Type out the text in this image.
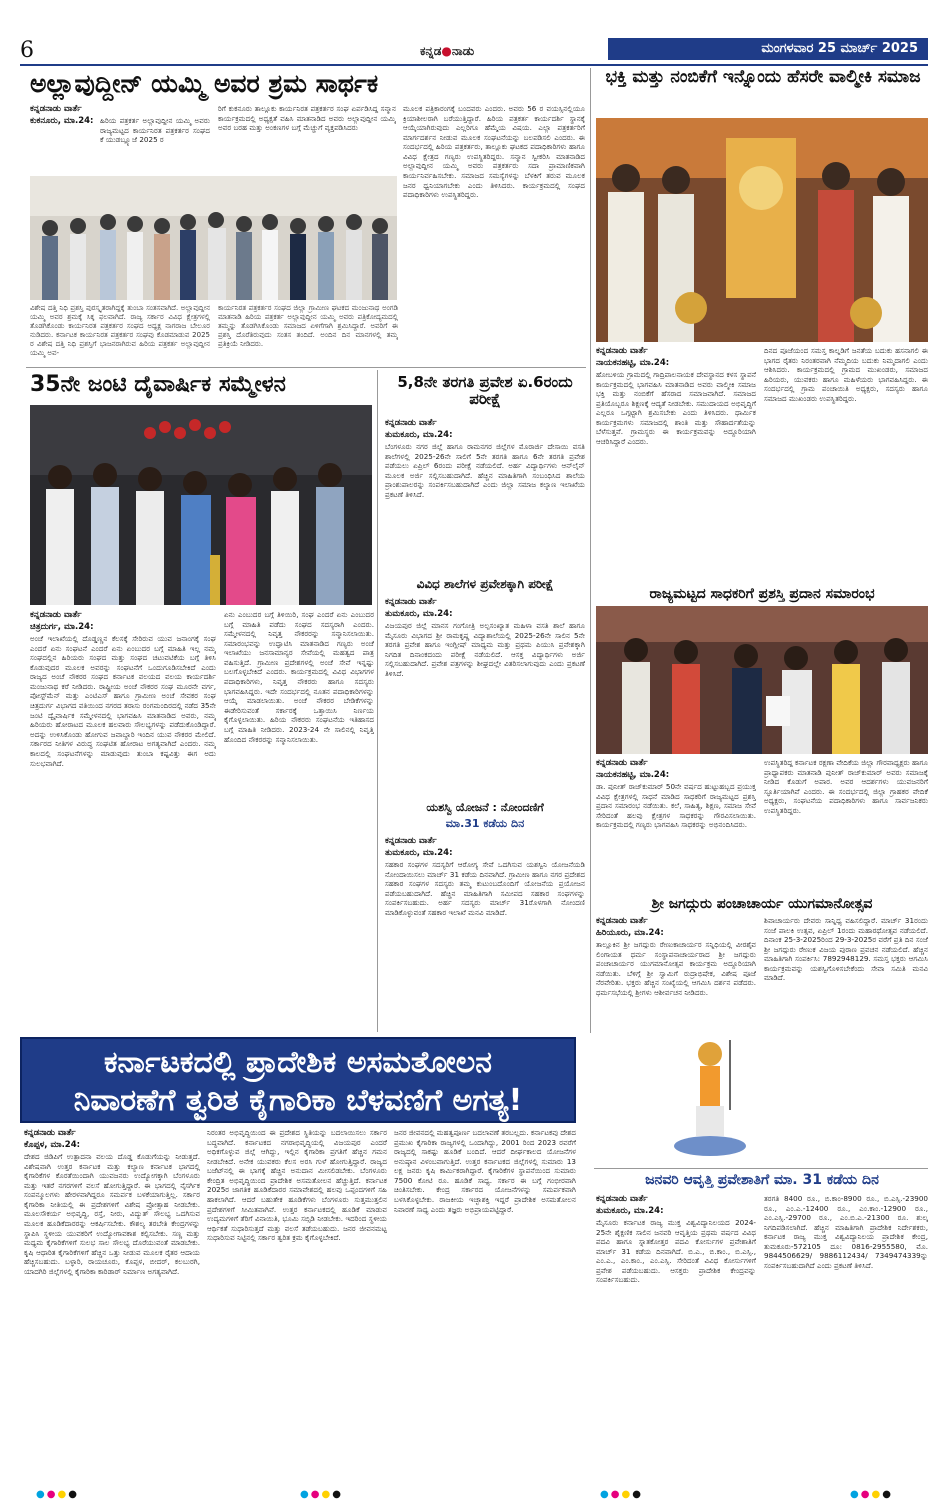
6	ಕನ್ನಡ●ನಾಡು	ಮಂಗಳವಾರ 25 ಮಾರ್ಚ್ 2025
ಅಲ್ಲಾವುದ್ದೀನ್ ಯಮ್ಮಿ ಅವರ ಶ್ರಮ ಸಾರ್ಥಕ
ಕನ್ನಡನಾಡು ವಾರ್ತೆ
ಕುಕನೂರು, ಮಾ.24: ಹಿರಿಯ ಪತ್ರಕರ್ತ ಅಲ್ಲಾವುದ್ದೀನ ಯಮ್ಮಿ ಅವರು ರಾಜ್ಯಮಟ್ಟದ ಕಾರ್ಯನಿರತ ಪತ್ರಕರ್ತರ ಸಂಘದ ಕೆ ಯುಡಬ್ಲ್ಯೂಜೆ 2025 ರ
ರಿಗೆ ಕುಕನೂರು ತಾಲ್ಲೂಕು ಕಾರ್ಯನಿರತ ಪತ್ರಕರ್ತರ ಸಂಘ ಏರ್ಪಡಿಸಿದ್ದ ಸನ್ಮಾನ ಕಾರ್ಯಕ್ರಮದಲ್ಲಿ ಅಧ್ಯಕ್ಷತೆ ವಹಿಸಿ ಮಾತನಾಡಿದ ಅವರು ಅಲ್ಲಾವುದ್ದೀನ ಯಮ್ಮಿ ಅವರ ಬರಹ ಮತ್ತು ಅಂಕಣಗಳ ಬಗ್ಗೆ ಮೆಚ್ಚುಗೆ ವ್ಯಕ್ತಪಡಿಸಿದರು
ಮೂಲಕ ಪತ್ರಿಕಾರಂಗಕ್ಕೆ ಬಂದವರು ಎಂದರು. ಅವರು 56 ರ ವಯಸ್ಸಿನಲ್ಲಿಯೂ ಕ್ರಿಯಾಶೀಲರಾಗಿ ಬರೆಯುತ್ತಿದ್ದಾರೆ. ಹಿರಿಯ ಪತ್ರಕರ್ತ ಕಾರ್ಯದರ್ಶಿ ಸ್ಥಾನಕ್ಕೆ ಆಯ್ಕೆಯಾಗಿರುವುದು ಎಲ್ಲರಿಗೂ ಹೆಮ್ಮೆಯ ವಿಷಯ. ಎಲ್ಲಾ ಪತ್ರಕರ್ತರಿಗೆ ಮಾರ್ಗದರ್ಶನ ನೀಡುವ ಮೂಲಕ ಸಂಘಟನೆಯನ್ನು ಬಲಪಡಿಸಲಿ ಎಂದರು. ಈ ಸಂದರ್ಭದಲ್ಲಿ ಹಿರಿಯ ಪತ್ರಕರ್ತರು, ತಾಲ್ಲೂಕು ಘಟಕದ ಪದಾಧಿಕಾರಿಗಳು ಹಾಗೂ ವಿವಿಧ ಕ್ಷೇತ್ರದ ಗಣ್ಯರು ಉಪಸ್ಥಿತರಿದ್ದರು. ಸನ್ಮಾನ ಸ್ವೀಕರಿಸಿ ಮಾತನಾಡಿದ ಅಲ್ಲಾವುದ್ದೀನ ಯಮ್ಮಿ ಅವರು ಪತ್ರಕರ್ತರು ಸದಾ ಪ್ರಾಮಾಣಿಕವಾಗಿ ಕಾರ್ಯನಿರ್ವಹಿಸಬೇಕು. ಸಮಾಜದ ಸಮಸ್ಯೆಗಳನ್ನು ಬೆಳಕಿಗೆ ತರುವ ಮೂಲಕ ಜನರ ಧ್ವನಿಯಾಗಬೇಕು ಎಂದು ತಿಳಿಸಿದರು. ಕಾರ್ಯಕ್ರಮದಲ್ಲಿ ಸಂಘದ ಪದಾಧಿಕಾರಿಗಳು ಉಪಸ್ಥಿತರಿದ್ದರು.
ವಿಶೇಷ ದತ್ತಿ ನಿಧಿ ಪ್ರಶಸ್ತಿ ಪುರಸ್ಕೃತರಾಗಿದ್ದಕ್ಕೆ ತುಂಬಾ ಸಂತಸವಾಗಿದೆ. ಅಲ್ಲಾವುದ್ದೀನ ಯಮ್ಮಿ ಅವರ ಶ್ರಮಕ್ಕೆ ಸಿಕ್ಕ ಫಲವಾಗಿದೆ. ರಾಜ್ಯ ಸರ್ಕಾರ ವಿವಿಧ ಕ್ಷೇತ್ರಗಳಲ್ಲಿ ತೊಡಗಿಕೊಂಡು ಕಾರ್ಯನಿರತ ಪತ್ರಕರ್ತರ ಸಂಘದ ಅಧ್ಯಕ್ಷ ನಾಗರಾಜ ಬೇಲೂರ ನುಡಿದರು. ಕರ್ನಾಟಕ ಕಾರ್ಯನಿರತ ಪತ್ರಕರ್ತರ ಸಂಘವು ಕೊಡಮಾಡುವ 2025 ರ ವಿಶೇಷ ದತ್ತಿ ನಿಧಿ ಪ್ರಶಸ್ತಿಗೆ ಭಾಜನರಾಗಿರುವ ಹಿರಿಯ ಪತ್ರಕರ್ತ ಅಲ್ಲಾವುದ್ದೀನ ಯಮ್ಮಿ ಅವ-
ಕಾರ್ಯನಿರತ ಪತ್ರಕರ್ತರ ಸಂಘದ ಜಿಲ್ಲಾ ಗ್ರಾಮೀಣ ಘಟಕದ ಮಂಜುನಾಥ ಅಂಗಡಿ ಮಾತನಾಡಿ ಹಿರಿಯ ಪತ್ರಕರ್ತ ಅಲ್ಲಾವುದ್ದೀನ ಯಮ್ಮಿ ಅವರು ಪತ್ರಿಕೋದ್ಯಮದಲ್ಲಿ ತಮ್ಮನ್ನು ತೊಡಗಿಸಿಕೊಂಡು ಸಮಾಜದ ಏಳಿಗೆಗಾಗಿ ಶ್ರಮಿಸಿದ್ದಾರೆ. ಅವರಿಗೆ ಈ ಪ್ರಶಸ್ತಿ ದೊರೆತಿರುವುದು ಸಂತಸ ತಂದಿದೆ. ಅಂದಿನ ದಿನ ಮಾನಗಳಲ್ಲಿ ತಮ್ಮ ಪ್ರತಿಕ್ರಿಯೆ ನೀಡಿದರು.
ಭಕ್ತಿ ಮತ್ತು ನಂಬಿಕೆಗೆ ಇನ್ನೊಂದು ಹೆಸರೇ ವಾಲ್ಮೀಕಿ ಸಮಾಜ
ಕನ್ನಡನಾಡು ವಾರ್ತೆ
ನಾಯಕನಹಟ್ಟಿ, ಮಾ.24:
ಹೋಬಳಿಯ ಗ್ರಾಮದಲ್ಲಿ ಗಾದ್ರಿಪಾಲನಾಯಕ ದೇವಸ್ಥಾನದ ಕಳಸ ಸ್ಥಾಪನೆ ಕಾರ್ಯಕ್ರಮದಲ್ಲಿ ಭಾಗವಹಿಸಿ ಮಾತನಾಡಿದ ಅವರು ವಾಲ್ಮೀಕಿ ಸಮಾಜ ಭಕ್ತಿ ಮತ್ತು ನಂಬಿಕೆಗೆ ಹೆಸರಾದ ಸಮಾಜವಾಗಿದೆ. ಸಮಾಜದ ಪ್ರತಿಯೊಬ್ಬರೂ ಶಿಕ್ಷಣಕ್ಕೆ ಆದ್ಯತೆ ನೀಡಬೇಕು. ಸಮುದಾಯದ ಅಭಿವೃದ್ಧಿಗೆ ಎಲ್ಲರೂ ಒಗ್ಗಟ್ಟಾಗಿ ಶ್ರಮಿಸಬೇಕು ಎಂದು ತಿಳಿಸಿದರು. ಧಾರ್ಮಿಕ ಕಾರ್ಯಕ್ರಮಗಳು ಸಮಾಜದಲ್ಲಿ ಶಾಂತಿ ಮತ್ತು ಸೌಹಾರ್ದತೆಯನ್ನು ಬೆಳೆಸುತ್ತವೆ. ಗ್ರಾಮಸ್ಥರು ಈ ಕಾರ್ಯಕ್ರಮವನ್ನು ಅದ್ದೂರಿಯಾಗಿ ಆಚರಿಸಿದ್ದಾರೆ ಎಂದರು.
ದಿನದ ಪೂಜೆಯಂದ ಸಮಸ್ತ ಕಾಲ್ನಡಿಗೆ ಜನತೆಯ ಬದುಕು ಹಸನಾಗಲಿ ಈ ಭಾಗದ ರೈತರು ನಿರಂತರವಾಗಿ ನೆಮ್ಮದಿಯ ಬದುಕು ನಿಮ್ಮದಾಗಲಿ ಎಂದು ಆಶಿಸಿದರು. ಕಾರ್ಯಕ್ರಮದಲ್ಲಿ ಗ್ರಾಮದ ಮುಖಂಡರು, ಸಮಾಜದ ಹಿರಿಯರು, ಯುವಕರು ಹಾಗೂ ಮಹಿಳೆಯರು ಭಾಗವಹಿಸಿದ್ದರು. ಈ ಸಂದರ್ಭದಲ್ಲಿ ಗ್ರಾಮ ಪಂಚಾಯಿತಿ ಅಧ್ಯಕ್ಷರು, ಸದಸ್ಯರು ಹಾಗೂ ಸಮಾಜದ ಮುಖಂಡರು ಉಪಸ್ಥಿತರಿದ್ದರು.
35ನೇ ಜಂಟಿ ದೈವಾರ್ಷಿಕ ಸಮ್ಮೇಳನ
ಕನ್ನಡನಾಡು ವಾರ್ತೆ
ಚಿತ್ರದುರ್ಗ, ಮಾ.24:
ಅಂಚೆ ಇಲಾಖೆಯಲ್ಲಿ ದೊಡ್ಡಣ್ಣನ ಕೆಲಸಕ್ಕೆ ಸೇರಿರುವ ಯುವ ಜನಾಂಗಕ್ಕೆ ಸಂಘ ಎಂದರೆ ಏನು ಸಂಘಟನೆ ಎಂದರೆ ಏನು ಏಂಬುದರ ಬಗ್ಗೆ ಮಾಹಿತಿ ಇಲ್ಲ ನಮ್ಮ ಸಂಘದಲ್ಲಿನ ಹಿರಿಯರು ಸಂಘದ ಮತ್ತು ಸಂಘದ ಚಟುವಟಿಕೆಯ ಬಗ್ಗೆ ತಿಳಿಸಿ ಕೊಡುವುದರ ಮೂಲಕ ಅವರನ್ನು ಸಂಘಟನೆಗೆ ಒಂದುಗೂಡಿಸಬೇಕಿದೆ ಎಂದು ರಾಜ್ಯದ ಅಂಚೆ ನೌಕರರ ಸಂಘದ ಕರ್ನಾಟಕ ವಲಯದ ವಲಯ ಕಾರ್ಯದರ್ಶಿ ಮಂಜುನಾಥ ಕರೆ ನೀಡಿದರು. ರಾಷ್ಟ್ರೀಯ ಅಂಚೆ ನೌಕರರ ಸಂಘ ಮೂರನೇ ವರ್ಗ, ಪೋಸ್ಟ್‌ಮೆನ್ ಮತ್ತು ಎಂಟಿಎಸ್ ಹಾಗೂ ಗ್ರಾಮೀಣ ಅಂಚೆ ಸೇವಕರ ಸಂಘ ಚಿತ್ರದುರ್ಗ ವಿಭಾಗದ ವತಿಯಿಂದ ನಗರದ ತರಾಸು ರಂಗಮಂದಿರದಲ್ಲಿ ನಡೆದ 35ನೇ ಜಂಟಿ ದ್ವೈವಾರ್ಷಿಕ ಸಮ್ಮೇಳನದಲ್ಲಿ ಭಾಗವಹಿಸಿ ಮಾತನಾಡಿದ ಅವರು, ನಮ್ಮ ಹಿರಿಯರು ಹೋರಾಟದ ಮೂಲಕ ಹಲವಾರು ಸೌಲಭ್ಯಗಳನ್ನು ಪಡೆದುಕೊಂಡಿದ್ದಾರೆ. ಅದನ್ನು ಉಳಿಸಿಕೊಂಡು ಹೋಗುವ ಜವಾಬ್ದಾರಿ ಇಂದಿನ ಯುವ ನೌಕರರ ಮೇಲಿದೆ. ಸರ್ಕಾರದ ನೀತಿಗಳ ವಿರುದ್ಧ ಸಂಘಟಿತ ಹೋರಾಟ ಅಗತ್ಯವಾಗಿದೆ ಎಂದರು. ನಮ್ಮ ಕಾಲದಲ್ಲಿ ಸಂಘಟನೆಗಳನ್ನು ಮಾಡುವುದು ತುಂಬಾ ಕಷ್ಟವಿತ್ತು ಈಗ ಅದು ಸುಲಭವಾಗಿದೆ.
ಏನು ಎಂಬುದರ ಬಗ್ಗೆ ತಿಳಿಯಿರಿ, ಸಂಘ ಎಂದರೆ ಏನು ಎಂಬುದರ ಬಗ್ಗೆ ಮಾಹಿತಿ ಪಡೆದು ಸಂಘದ ಸದಸ್ಯರಾಗಿ ಎಂದರು. ಸಮ್ಮೇಳನದಲ್ಲಿ ನಿವೃತ್ತ ನೌಕರರನ್ನು ಸನ್ಮಾನಿಸಲಾಯಿತು. ಸಮಾರಂಭವನ್ನು ಉದ್ಘಾಟಿಸಿ ಮಾತನಾಡಿದ ಗಣ್ಯರು ಅಂಚೆ ಇಲಾಖೆಯು ಜನಸಾಮಾನ್ಯರ ಸೇವೆಯಲ್ಲಿ ಮಹತ್ವದ ಪಾತ್ರ ವಹಿಸುತ್ತಿದೆ. ಗ್ರಾಮೀಣ ಪ್ರದೇಶಗಳಲ್ಲಿ ಅಂಚೆ ಸೇವೆ ಇನ್ನಷ್ಟು ಬಲಗೊಳ್ಳಬೇಕಿದೆ ಎಂದರು. ಕಾರ್ಯಕ್ರಮದಲ್ಲಿ ವಿವಿಧ ವಿಭಾಗಗಳ ಪದಾಧಿಕಾರಿಗಳು, ನಿವೃತ್ತ ನೌಕರರು ಹಾಗೂ ಸದಸ್ಯರು ಭಾಗವಹಿಸಿದ್ದರು. ಇದೇ ಸಂದರ್ಭದಲ್ಲಿ ನೂತನ ಪದಾಧಿಕಾರಿಗಳನ್ನು ಆಯ್ಕೆ ಮಾಡಲಾಯಿತು. ಅಂಚೆ ನೌಕರರ ಬೇಡಿಕೆಗಳನ್ನು ಈಡೇರಿಸುವಂತೆ ಸರ್ಕಾರಕ್ಕೆ ಒತ್ತಾಯಿಸಿ ನಿರ್ಣಯ ಕೈಗೊಳ್ಳಲಾಯಿತು. ಹಿರಿಯ ನೌಕರರು ಸಂಘಟನೆಯ ಇತಿಹಾಸದ ಬಗ್ಗೆ ಮಾಹಿತಿ ನೀಡಿದರು. 2023-24 ನೇ ಸಾಲಿನಲ್ಲಿ ನಿವೃತ್ತಿ ಹೊಂದಿದ ನೌಕರರನ್ನು ಸನ್ಮಾನಿಸಲಾಯಿತು.
5,8ನೇ ತರಗತಿ ಪ್ರವೇಶ ಏ.6ರಂದು ಪರೀಕ್ಷೆ
ಕನ್ನಡನಾಡು ವಾರ್ತೆ
ತುಮಕೂರು, ಮಾ.24:
ಬೆಂಗಳೂರು ನಗರ ಜಿಲ್ಲೆ ಹಾಗೂ ರಾಮನಗರ ಜಿಲ್ಲೆಗಳ ಮೊರಾರ್ಜಿ ದೇಸಾಯಿ ವಸತಿ ಶಾಲೆಗಳಲ್ಲಿ 2025-26ನೇ ಸಾಲಿಗೆ 5ನೇ ತರಗತಿ ಹಾಗೂ 6ನೇ ತರಗತಿ ಪ್ರವೇಶ ಪಡೆಯಲು ಏಪ್ರಿಲ್ 6ರಂದು ಪರೀಕ್ಷೆ ನಡೆಯಲಿದೆ. ಅರ್ಹ ವಿದ್ಯಾರ್ಥಿಗಳು ಆನ್‌ಲೈನ್ ಮೂಲಕ ಅರ್ಜಿ ಸಲ್ಲಿಸಬಹುದಾಗಿದೆ. ಹೆಚ್ಚಿನ ಮಾಹಿತಿಗಾಗಿ ಸಂಬಂಧಿಸಿದ ಶಾಲೆಯ ಪ್ರಾಂಶುಪಾಲರನ್ನು ಸಂಪರ್ಕಿಸಬಹುದಾಗಿದೆ ಎಂದು ಜಿಲ್ಲಾ ಸಮಾಜ ಕಲ್ಯಾಣ ಇಲಾಖೆಯ ಪ್ರಕಟಣೆ ತಿಳಿಸಿದೆ.
ವಿವಿಧ ಶಾಲೆಗಳ ಪ್ರವೇಶಕ್ಕಾಗಿ ಪರೀಕ್ಷೆ
ಕನ್ನಡನಾಡು ವಾರ್ತೆ
ತುಮಕೂರು, ಮಾ.24:
ವಿಜಯಪುರ ಜಿಲ್ಲೆ ಮಾನಸ ಗಂಗೋತ್ರಿ ಅಲ್ಪಸಂಖ್ಯಾತ ಮಹಿಳಾ ವಸತಿ ಶಾಲೆ ಹಾಗೂ ಮೈಸೂರು ವಿಭಾಗದ ಶ್ರೀ ರಾಮಕೃಷ್ಣ ವಿದ್ಯಾಶಾಲೆಯಲ್ಲಿ 2025-26ನೇ ಸಾಲಿನ 5ನೇ ತರಗತಿ ಪ್ರವೇಶ ಹಾಗೂ ಇಂಗ್ಲೀಷ್ ಮಾಧ್ಯಮ ಮತ್ತು ಪ್ರಥಮ ಪಿಯುಸಿ ಪ್ರವೇಶಕ್ಕಾಗಿ ನಿಗದಿತ ದಿನಾಂಕದಂದು ಪರೀಕ್ಷೆ ನಡೆಯಲಿದೆ. ಆಸಕ್ತ ವಿದ್ಯಾರ್ಥಿಗಳು ಅರ್ಜಿ ಸಲ್ಲಿಸಬಹುದಾಗಿದೆ. ಪ್ರವೇಶ ಪತ್ರಗಳನ್ನು ಶೀಘ್ರದಲ್ಲೇ ವಿತರಿಸಲಾಗುವುದು ಎಂದು ಪ್ರಕಟಣೆ ತಿಳಿಸಿದೆ.
ಯಶಸ್ವಿ ಯೋಜನೆ : ನೋಂದಣಿಗೆ
ಮಾ.31 ಕಡೆಯ ದಿನ
ಕನ್ನಡನಾಡು ವಾರ್ತೆ
ತುಮಕೂರು, ಮಾ.24:
ಸಹಕಾರ ಸಂಘಗಳ ಸದಸ್ಯರಿಗೆ ಆರೋಗ್ಯ ಸೇವೆ ಒದಗಿಸುವ ಯಶಸ್ವಿನಿ ಯೋಜನೆಯಡಿ ನೋಂದಾಯಿಸಲು ಮಾರ್ಚ್ 31 ಕಡೆಯ ದಿನವಾಗಿದೆ. ಗ್ರಾಮೀಣ ಹಾಗೂ ನಗರ ಪ್ರದೇಶದ ಸಹಕಾರ ಸಂಘಗಳ ಸದಸ್ಯರು ತಮ್ಮ ಕುಟುಂಬದೊಂದಿಗೆ ಯೋಜನೆಯ ಪ್ರಯೋಜನ ಪಡೆಯಬಹುದಾಗಿದೆ. ಹೆಚ್ಚಿನ ಮಾಹಿತಿಗಾಗಿ ಸಮೀಪದ ಸಹಕಾರ ಸಂಘಗಳನ್ನು ಸಂಪರ್ಕಿಸಬಹುದು. ಅರ್ಹ ಸದಸ್ಯರು ಮಾರ್ಚ್ 31ರೊಳಗಾಗಿ ನೋಂದಣಿ ಮಾಡಿಕೊಳ್ಳುವಂತೆ ಸಹಕಾರ ಇಲಾಖೆ ಮನವಿ ಮಾಡಿದೆ.
ರಾಜ್ಯಮಟ್ಟದ ಸಾಧಕರಿಗೆ ಪ್ರಶಸ್ತಿ ಪ್ರದಾನ ಸಮಾರಂಭ
ಕನ್ನಡನಾಡು ವಾರ್ತೆ
ನಾಯಕನಹಟ್ಟಿ, ಮಾ.24:
ಡಾ. ಪುನೀತ್ ರಾಜ್‌ಕುಮಾರ್ 50ನೇ ವರ್ಷದ ಹುಟ್ಟುಹಬ್ಬದ ಪ್ರಯುಕ್ತ ವಿವಿಧ ಕ್ಷೇತ್ರಗಳಲ್ಲಿ ಸಾಧನೆ ಮಾಡಿದ ಸಾಧಕರಿಗೆ ರಾಜ್ಯಮಟ್ಟದ ಪ್ರಶಸ್ತಿ ಪ್ರದಾನ ಸಮಾರಂಭ ನಡೆಯಿತು. ಕಲೆ, ಸಾಹಿತ್ಯ, ಶಿಕ್ಷಣ, ಸಮಾಜ ಸೇವೆ ಸೇರಿದಂತೆ ಹಲವು ಕ್ಷೇತ್ರಗಳ ಸಾಧಕರನ್ನು ಗೌರವಿಸಲಾಯಿತು. ಕಾರ್ಯಕ್ರಮದಲ್ಲಿ ಗಣ್ಯರು ಭಾಗವಹಿಸಿ ಸಾಧಕರನ್ನು ಅಭಿನಂದಿಸಿದರು.
ಉಪಸ್ಥಿತರಿದ್ದ ಕರ್ನಾಟಕ ರಕ್ಷಣಾ ವೇದಿಕೆಯ ಜಿಲ್ಲಾ ಗೌರವಾಧ್ಯಕ್ಷರು ಹಾಗೂ ಪ್ರಾಧ್ಯಾಪಕರು ಮಾತನಾಡಿ ಪುನೀತ್ ರಾಜ್‌ಕುಮಾರ್ ಅವರು ಸಮಾಜಕ್ಕೆ ನೀಡಿದ ಕೊಡುಗೆ ಅಪಾರ. ಅವರ ಆದರ್ಶಗಳು ಯುವಜನರಿಗೆ ಸ್ಫೂರ್ತಿಯಾಗಿವೆ ಎಂದರು. ಈ ಸಂದರ್ಭದಲ್ಲಿ ಜಿಲ್ಲಾ ಗ್ರಾಹಕರ ವೇದಿಕೆ ಅಧ್ಯಕ್ಷರು, ಸಂಘಟನೆಯ ಪದಾಧಿಕಾರಿಗಳು ಹಾಗೂ ಸಾರ್ವಜನಿಕರು ಉಪಸ್ಥಿತರಿದ್ದರು.
ಶ್ರೀ ಜಗದ್ಗುರು ಪಂಚಾಚಾರ್ಯ ಯುಗಮಾನೋತ್ಸವ
ಕನ್ನಡನಾಡು ವಾರ್ತೆ
ಹಿರಿಯೂರು, ಮಾ.24:
ತಾಲ್ಲೂಕಿನ ಶ್ರೀ ಜಗದ್ಗುರು ರೇಣುಕಾಚಾರ್ಯರ ಸನ್ನಿಧಿಯಲ್ಲಿ ವೀರಶೈವ ಲಿಂಗಾಯತ ಧರ್ಮ ಸಂಸ್ಥಾಪನಾಚಾರ್ಯರಾದ ಶ್ರೀ ಜಗದ್ಗುರು ಪಂಚಾಚಾರ್ಯರ ಯುಗಮಾನೋತ್ಸವ ಕಾರ್ಯಕ್ರಮ ಅದ್ದೂರಿಯಾಗಿ ನಡೆಯಿತು. ಬೆಳಿಗ್ಗೆ ಶ್ರೀ ಸ್ವಾಮಿಗೆ ರುದ್ರಾಭಿಷೇಕ, ವಿಶೇಷ ಪೂಜೆ ನೆರವೇರಿತು. ಭಕ್ತರು ಹೆಚ್ಚಿನ ಸಂಖ್ಯೆಯಲ್ಲಿ ಆಗಮಿಸಿ ದರ್ಶನ ಪಡೆದರು. ಧರ್ಮಸಭೆಯಲ್ಲಿ ಶ್ರೀಗಳು ಆಶೀರ್ವಚನ ನೀಡಿದರು.
ಶಿವಾಚಾರ್ಯರು ದೇವರು ಸಾನ್ನಿಧ್ಯ ವಹಿಸಲಿದ್ದಾರೆ. ಮಾರ್ಚ್ 31ರಂದು ಸಂಜೆ ಪಾಲಕಿ ಉತ್ಸವ, ಏಪ್ರಿಲ್ 1ರಂದು ಮಹಾರಥೋತ್ಸವ ನಡೆಯಲಿದೆ. ದಿನಾಂಕ 25-3-2025ರಿಂದ 29-3-2025ರ ವರೆಗೆ ಪ್ರತಿ ದಿನ ಸಂಜೆ ಶ್ರೀ ಜಗದ್ಗುರು ರೇಣುಕ ವಿಜಯ ಪುರಾಣ ಪ್ರವಚನ ನಡೆಯಲಿದೆ. ಹೆಚ್ಚಿನ ಮಾಹಿತಿಗಾಗಿ ಸಂಪರ್ಕಿಸಿ: 7892948129. ಸಮಸ್ತ ಭಕ್ತರು ಆಗಮಿಸಿ ಕಾರ್ಯಕ್ರಮವನ್ನು ಯಶಸ್ವಿಗೊಳಿಸಬೇಕೆಂದು ಸೇವಾ ಸಮಿತಿ ಮನವಿ ಮಾಡಿದೆ.
ಕರ್ನಾಟಕದಲ್ಲಿ ಪ್ರಾದೇಶಿಕ ಅಸಮತೋಲನ
ನಿವಾರಣೆಗೆ ತ್ವರಿತ ಕೈಗಾರಿಕಾ ಬೆಳವಣಿಗೆ ಅಗತ್ಯ!
ಕನ್ನಡನಾಡು ವಾರ್ತೆ
ಕೊಪ್ಪಳ, ಮಾ.24:
ದೇಶದ ಜಿಡಿಪಿಗೆ ಉತ್ಪಾದನಾ ವಲಯ ದೊಡ್ಡ ಕೊಡುಗೆಯನ್ನು ನೀಡುತ್ತದೆ. ವಿಶೇಷವಾಗಿ ಉತ್ತರ ಕರ್ನಾಟಕ ಮತ್ತು ಕಲ್ಯಾಣ ಕರ್ನಾಟಕ ಭಾಗದಲ್ಲಿ ಕೈಗಾರಿಕೆಗಳ ಕೊರತೆಯಿಂದಾಗಿ ಯುವಜನರು ಉದ್ಯೋಗಕ್ಕಾಗಿ ಬೆಂಗಳೂರು ಮತ್ತು ಇತರೆ ನಗರಗಳಿಗೆ ವಲಸೆ ಹೋಗುತ್ತಿದ್ದಾರೆ. ಈ ಭಾಗದಲ್ಲಿ ನೈಸರ್ಗಿಕ ಸಂಪನ್ಮೂಲಗಳು ಹೇರಳವಾಗಿದ್ದರೂ ಸಮರ್ಪಕ ಬಳಕೆಯಾಗುತ್ತಿಲ್ಲ. ಸರ್ಕಾರ ಕೈಗಾರಿಕಾ ನೀತಿಯಲ್ಲಿ ಈ ಪ್ರದೇಶಗಳಿಗೆ ವಿಶೇಷ ಪ್ರೋತ್ಸಾಹ ನೀಡಬೇಕು. ಮೂಲಸೌಕರ್ಯ ಅಭಿವೃದ್ಧಿ, ರಸ್ತೆ, ನೀರು, ವಿದ್ಯುತ್ ಸೌಲಭ್ಯ ಒದಗಿಸುವ ಮೂಲಕ ಹೂಡಿಕೆದಾರರನ್ನು ಆಕರ್ಷಿಸಬೇಕು. ಕೌಶಲ್ಯ ತರಬೇತಿ ಕೇಂದ್ರಗಳನ್ನು ಸ್ಥಾಪಿಸಿ ಸ್ಥಳೀಯ ಯುವಕರಿಗೆ ಉದ್ಯೋಗಾವಕಾಶ ಕಲ್ಪಿಸಬೇಕು. ಸಣ್ಣ ಮತ್ತು ಮಧ್ಯಮ ಕೈಗಾರಿಕೆಗಳಿಗೆ ಸುಲಭ ಸಾಲ ಸೌಲಭ್ಯ ದೊರೆಯುವಂತೆ ಮಾಡಬೇಕು. ಕೃಷಿ ಆಧಾರಿತ ಕೈಗಾರಿಕೆಗಳಿಗೆ ಹೆಚ್ಚಿನ ಒತ್ತು ನೀಡುವ ಮೂಲಕ ರೈತರ ಆದಾಯ ಹೆಚ್ಚಿಸಬಹುದು. ಬಳ್ಳಾರಿ, ರಾಯಚೂರು, ಕೊಪ್ಪಳ, ಬೀದರ್, ಕಲಬುರಗಿ, ಯಾದಗಿರಿ ಜಿಲ್ಲೆಗಳಲ್ಲಿ ಕೈಗಾರಿಕಾ ಕಾರಿಡಾರ್ ನಿರ್ಮಾಣ ಅಗತ್ಯವಾಗಿದೆ.
ನಿರಂತರ ಅಭಿವೃದ್ಧಿಯಿಂದ ಈ ಪ್ರದೇಶದ ಸ್ಥಿತಿಯನ್ನು ಬದಲಾಯಿಸಲು ಸರ್ಕಾರ ಬದ್ಧವಾಗಿದೆ. ಕರ್ನಾಟಕದ ನಗರಾಭಿವೃದ್ಧಿಯಲ್ಲಿ ವಿಜಯಪುರ ಎಂದರೆ ಅಧಿಕಗೊಳ್ಳುವ ಜಿಲ್ಲೆ ಆಗಿದ್ದು, ಇಲ್ಲಿನ ಕೈಗಾರಿಕಾ ಪ್ರಗತಿಗೆ ಹೆಚ್ಚಿನ ಗಮನ ನೀಡಬೇಕಿದೆ. ಅನೇಕ ಯುವಕರು ಕೆಲಸ ಅರಸಿ ಗುಳೆ ಹೋಗುತ್ತಿದ್ದಾರೆ. ರಾಜ್ಯದ ಬಜೆಟ್‌ನಲ್ಲಿ ಈ ಭಾಗಕ್ಕೆ ಹೆಚ್ಚಿನ ಅನುದಾನ ಮೀಸಲಿಡಬೇಕು. ಬೆಂಗಳೂರು ಕೇಂದ್ರಿತ ಅಭಿವೃದ್ಧಿಯಿಂದ ಪ್ರಾದೇಶಿಕ ಅಸಮತೋಲನ ಹೆಚ್ಚುತ್ತಿದೆ. ಕರ್ನಾಟಕ 2025ರ ಜಾಗತಿಕ ಹೂಡಿಕೆದಾರರ ಸಮಾವೇಶದಲ್ಲಿ ಹಲವು ಒಪ್ಪಂದಗಳಿಗೆ ಸಹಿ ಹಾಕಲಾಗಿದೆ. ಆದರೆ ಬಹುತೇಕ ಹೂಡಿಕೆಗಳು ಬೆಂಗಳೂರು ಸುತ್ತಮುತ್ತಲಿನ ಪ್ರದೇಶಗಳಿಗೆ ಸೀಮಿತವಾಗಿವೆ. ಉತ್ತರ ಕರ್ನಾಟಕದಲ್ಲಿ ಹೂಡಿಕೆ ಮಾಡುವ ಉದ್ಯಮಗಳಿಗೆ ತೆರಿಗೆ ವಿನಾಯಿತಿ, ಭೂಮಿ ಸಬ್ಸಿಡಿ ನೀಡಬೇಕು. ಇದರಿಂದ ಸ್ಥಳೀಯ ಆರ್ಥಿಕತೆ ಸುಧಾರಿಸುತ್ತದೆ ಮತ್ತು ವಲಸೆ ತಡೆಯಬಹುದು. ಜನರ ಜೀವನಮಟ್ಟ ಸುಧಾರಿಸುವ ನಿಟ್ಟಿನಲ್ಲಿ ಸರ್ಕಾರ ತ್ವರಿತ ಕ್ರಮ ಕೈಗೊಳ್ಳಬೇಕಿದೆ.
ಜನರ ಜೀವನದಲ್ಲಿ ಮಹತ್ವಪೂರ್ಣ ಬದಲಾವಣೆ ತರಬಲ್ಲದು. ಕರ್ನಾಟಕವು ದೇಶದ ಪ್ರಮುಖ ಕೈಗಾರಿಕಾ ರಾಜ್ಯಗಳಲ್ಲಿ ಒಂದಾಗಿದ್ದು, 2001 ರಿಂದ 2023 ರವರೆಗೆ ರಾಜ್ಯದಲ್ಲಿ ಸಾಕಷ್ಟು ಹೂಡಿಕೆ ಬಂದಿದೆ. ಆದರೆ ದೀರ್ಘಕಾಲದ ಯೋಜನೆಗಳ ಅನುಷ್ಠಾನ ವಿಳಂಬವಾಗುತ್ತಿದೆ. ಉತ್ತರ ಕರ್ನಾಟಕದ ಜಿಲ್ಲೆಗಳಲ್ಲಿ ಸುಮಾರು 13 ಲಕ್ಷ ಜನರು ಕೃಷಿ ಕಾರ್ಮಿಕರಾಗಿದ್ದಾರೆ. ಕೈಗಾರಿಕೆಗಳ ಸ್ಥಾಪನೆಯಿಂದ ಸುಮಾರು 7500 ಕೋಟಿ ರೂ. ಹೂಡಿಕೆ ಸಾಧ್ಯ. ಸರ್ಕಾರ ಈ ಬಗ್ಗೆ ಗಂಭೀರವಾಗಿ ಚಿಂತಿಸಬೇಕು. ಕೇಂದ್ರ ಸರ್ಕಾರದ ಯೋಜನೆಗಳನ್ನು ಸಮರ್ಪಕವಾಗಿ ಬಳಸಿಕೊಳ್ಳಬೇಕು. ರಾಜಕೀಯ ಇಚ್ಛಾಶಕ್ತಿ ಇದ್ದರೆ ಪ್ರಾದೇಶಿಕ ಅಸಮತೋಲನ ನಿವಾರಣೆ ಸಾಧ್ಯ ಎಂದು ತಜ್ಞರು ಅಭಿಪ್ರಾಯಪಟ್ಟಿದ್ದಾರೆ.
ಜನವರಿ ಆವೃತ್ತಿ ಪ್ರವೇಶಾತಿಗೆ ಮಾ. 31 ಕಡೆಯ ದಿನ
ಕನ್ನಡನಾಡು ವಾರ್ತೆ
ತುಮಕೂರು, ಮಾ.24:
ಮೈಸೂರು ಕರ್ನಾಟಕ ರಾಜ್ಯ ಮುಕ್ತ ವಿಶ್ವವಿದ್ಯಾನಿಲಯದ 2024-25ನೇ ಶೈಕ್ಷಣಿಕ ಸಾಲಿನ ಜನವರಿ ಆವೃತ್ತಿಯ ಪ್ರಥಮ ವರ್ಷದ ವಿವಿಧ ಪದವಿ ಹಾಗೂ ಸ್ನಾತಕೋತ್ತರ ಪದವಿ ಕೋರ್ಸುಗಳ ಪ್ರವೇಶಾತಿಗೆ ಮಾರ್ಚ್ 31 ಕಡೆಯ ದಿನವಾಗಿದೆ. ಬಿ.ಎ., ಬಿ.ಕಾಂ., ಬಿ.ಎಸ್ಸಿ., ಎಂ.ಎ., ಎಂ.ಕಾಂ., ಎಂ.ಎಸ್ಸಿ. ಸೇರಿದಂತೆ ವಿವಿಧ ಕೋರ್ಸುಗಳಿಗೆ ಪ್ರವೇಶ ಪಡೆಯಬಹುದು. ಆಸಕ್ತರು ಪ್ರಾದೇಶಿಕ ಕೇಂದ್ರವನ್ನು ಸಂಪರ್ಕಿಸಬಹುದು.
ತರಗತಿ 8400 ರೂ., ಬಿ.ಕಾಂ-8900 ರೂ., ಬಿ.ಎಸ್ಸಿ.-23900 ರೂ., ಎಂ.ಎ.-12400 ರೂ., ಎಂ.ಕಾಂ.-12900 ರೂ., ಎಂ.ಎಸ್ಸಿ.-29700 ರೂ., ಎಂ.ಬಿ.ಎ.-21300 ರೂ. ಶುಲ್ಕ ನಿಗದಿಪಡಿಸಲಾಗಿದೆ. ಹೆಚ್ಚಿನ ಮಾಹಿತಿಗಾಗಿ ಪ್ರಾದೇಶಿಕ ನಿರ್ದೇಶಕರು, ಕರ್ನಾಟಕ ರಾಜ್ಯ ಮುಕ್ತ ವಿಶ್ವವಿದ್ಯಾನಿಲಯ ಪ್ರಾದೇಶಿಕ ಕೇಂದ್ರ, ತುಮಕೂರು-572105 ದೂ: 0816-2955580, ಮೊ. 9844506629/ 9886112434/ 7349474339ನ್ನು ಸಂಪರ್ಕಿಸಬಹುದಾಗಿದೆ ಎಂದು ಪ್ರಕಟಣೆ ತಿಳಿಸಿದೆ.
●●●●	●●●●	●●●●	●●●●
